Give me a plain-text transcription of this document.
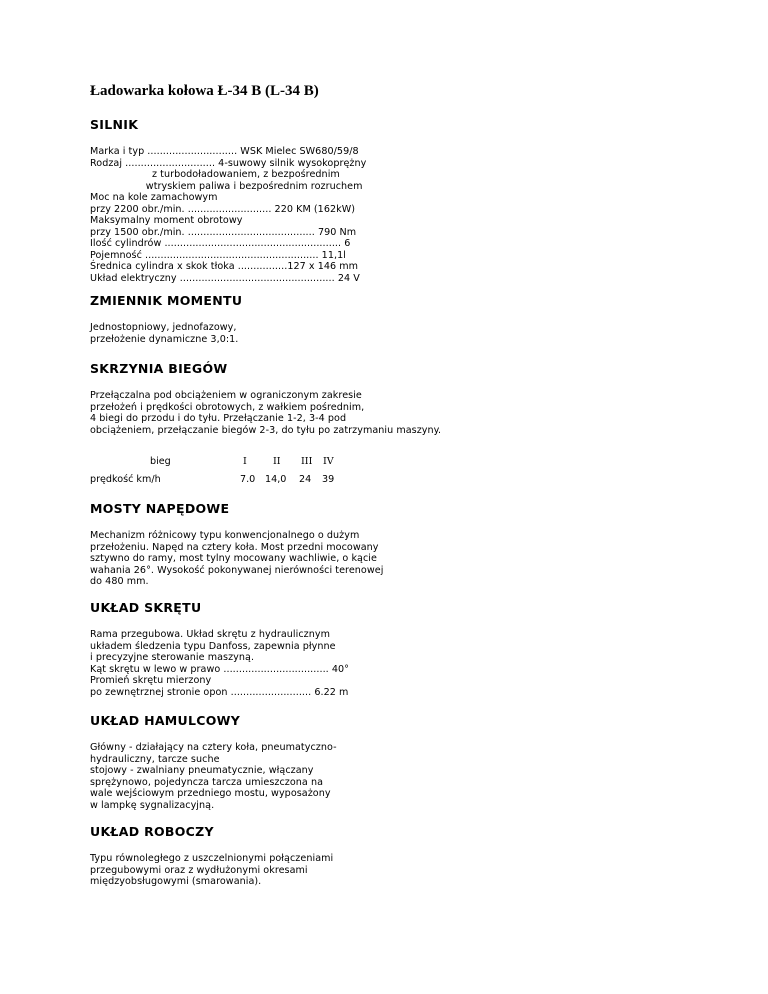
Ładowarka kołowa Ł-34 B (L-34 B)
SILNIK
Marka i typ ............................. WSK Mielec SW680/59/8
Rodzaj ............................. 4-suwowy silnik wysokoprężny
z turbodoładowaniem, z bezpośrednim
wtryskiem paliwa i bezpośrednim rozruchem
Moc na kole zamachowym
przy 2200 obr./min. ........................... 220 KM (162kW)
Maksymalny moment obrotowy
przy 1500 obr./min. ......................................... 790 Nm
Ilość cylindrów ......................................................... 6
Pojemność ........................................................ 11,1l
Średnica cylindra x skok tłoka ................127 x 146 mm
Układ elektryczny .................................................. 24 V
ZMIENNIK MOMENTU
Jednostopniowy, jednofazowy,
przełożenie dynamiczne 3,0:1.
SKRZYNIA BIEGÓW
Przełączalna pod obciążeniem w ograniczonym zakresie
przełożeń i prędkości obrotowych, z wałkiem pośrednim,
4 biegi do przodu i do tyłu. Przełączanie 1-2, 3-4 pod
obciążeniem, przełączanie biegów 2-3, do tyłu po zatrzymaniu maszyny.
bieg	I	II III IV
prędkość km/h	7.0 14,0 24 39
MOSTY NAPĘDOWE
Mechanizm różnicowy typu konwencjonalnego o dużym
przełożeniu. Napęd na cztery koła. Most przedni mocowany
sztywno do ramy, most tylny mocowany wachliwie, o kącie
wahania 26°. Wysokość pokonywanej nierówności terenowej
do 480 mm.
UKŁAD SKRĘTU
Rama przegubowa. Układ skrętu z hydraulicznym
układem śledzenia typu Danfoss, zapewnia płynne
i precyzyjne sterowanie maszyną.
Kąt skrętu w lewo w prawo .................................. 40°
Promień skrętu mierzony
po zewnętrznej stronie opon .......................... 6.22 m
UKŁAD HAMULCOWY
Główny - działający na cztery koła, pneumatyczno-
hydrauliczny, tarcze suche
stojowy - zwalniany pneumatycznie, włączany
sprężynowo, pojedyncza tarcza umieszczona na
wale wejściowym przedniego mostu, wyposażony
w lampkę sygnalizacyjną.
UKŁAD ROBOCZY
Typu równoległego z uszczelnionymi połączeniami
przegubowymi oraz z wydłużonymi okresami
międzyobsługowymi (smarowania).
